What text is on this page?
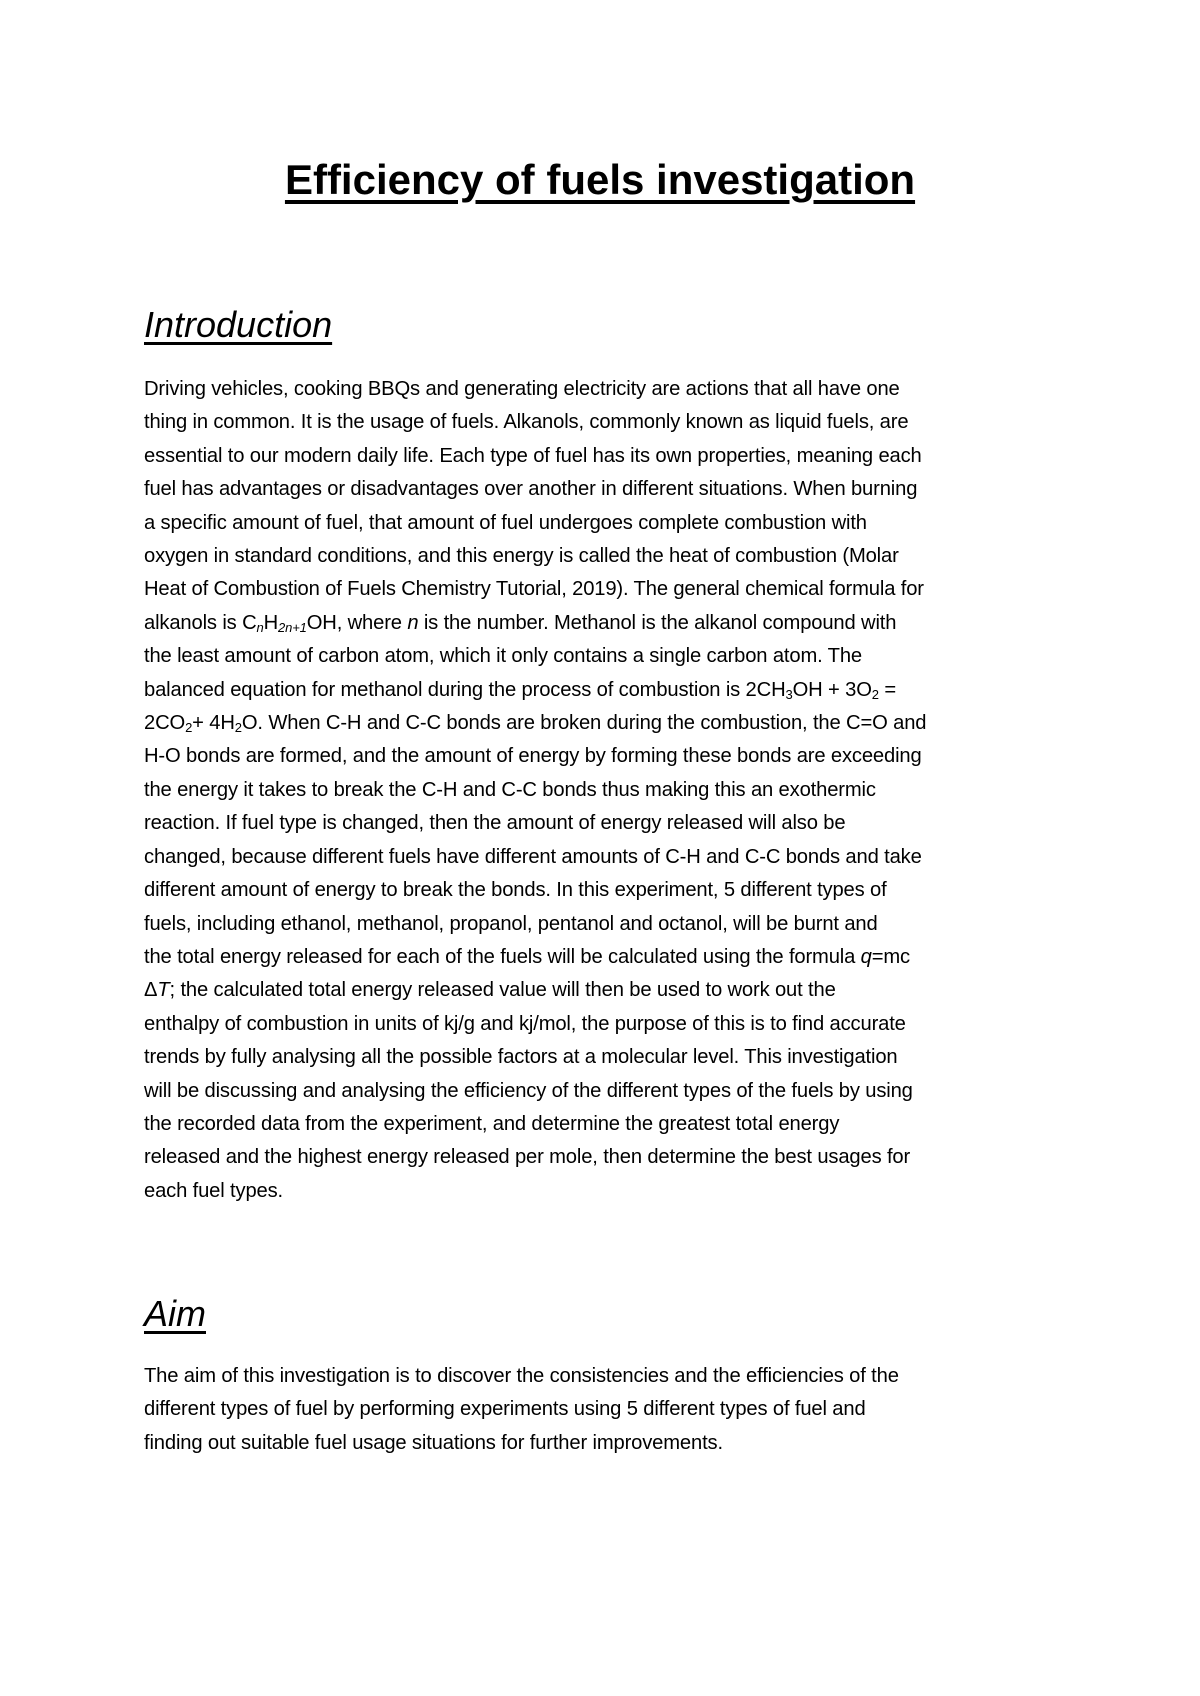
Efficiency of fuels investigation
Introduction
Driving vehicles, cooking BBQs and generating electricity are actions that all have one
thing in common. It is the usage of fuels. Alkanols, commonly known as liquid fuels, are
essential to our modern daily life. Each type of fuel has its own properties, meaning each
fuel has advantages or disadvantages over another in different situations. When burning
a specific amount of fuel, that amount of fuel undergoes complete combustion with
oxygen in standard conditions, and this energy is called the heat of combustion (Molar
Heat of Combustion of Fuels Chemistry Tutorial, 2019). The general chemical formula for
alkanols is $C_nH_{2n+1}OH$, where n is the number. Methanol is the alkanol compound with
the least amount of carbon atom, which it only contains a single carbon atom. The
balanced equation for methanol during the process of combustion is $2CH_3OH + 3O_2$ =
$2CO_2+ 4H_2O$. When C-H and C-C bonds are broken during the combustion, the C=O and
H-O bonds are formed, and the amount of energy by forming these bonds are exceeding
the energy it takes to break the C-H and C-C bonds thus making this an exothermic
reaction. If fuel type is changed, then the amount of energy released will also be
changed, because different fuels have different amounts of C-H and C-C bonds and take
different amount of energy to break the bonds. In this experiment, 5 different types of
fuels, including ethanol, methanol, propanol, pentanol and octanol, will be burnt and
the total energy released for each of the fuels will be calculated using the formula q=mc
ΔT; the calculated total energy released value will then be used to work out the
enthalpy of combustion in units of kj/g and kj/mol, the purpose of this is to find accurate
trends by fully analysing all the possible factors at a molecular level. This investigation
will be discussing and analysing the efficiency of the different types of the fuels by using
the recorded data from the experiment, and determine the greatest total energy
released and the highest energy released per mole, then determine the best usages for
each fuel types.
Aim
The aim of this investigation is to discover the consistencies and the efficiencies of the
different types of fuel by performing experiments using 5 different types of fuel and
finding out suitable fuel usage situations for further improvements.
